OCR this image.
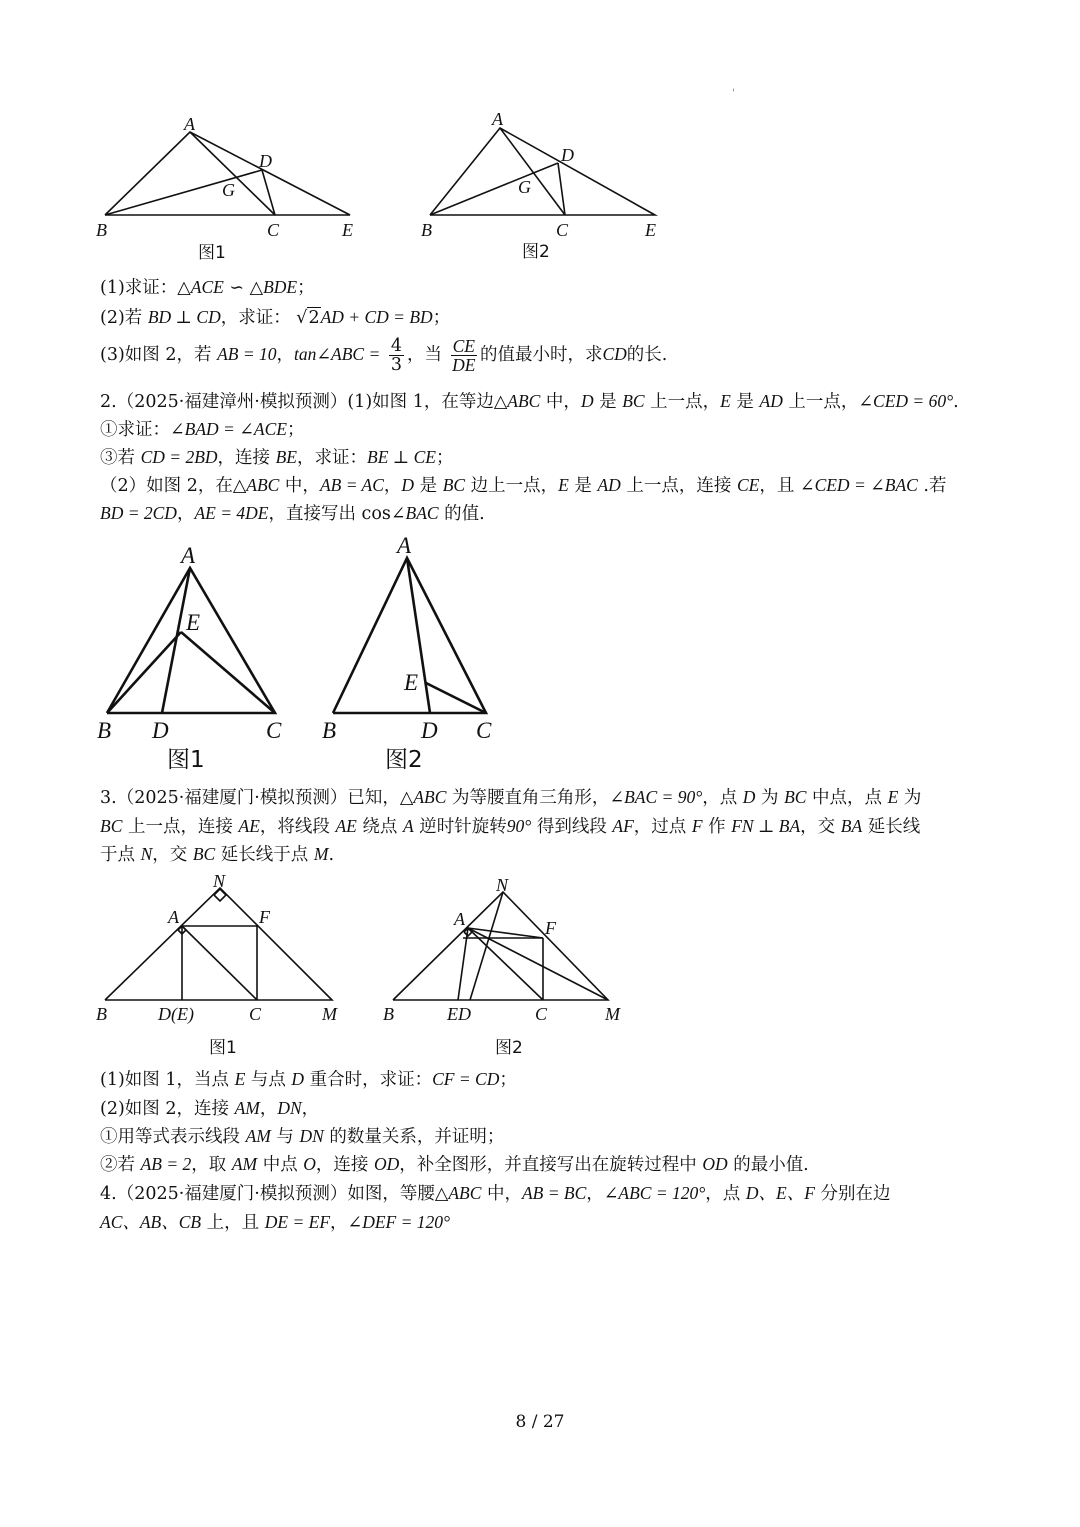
'
A
B	C
D
E
G
图1
A
B	C
D
E
G
图2
(1)求证：△ACE ∽ △BDE；
(2)若 BD ⊥ CD，求证： √2AD + CD = BD；
(3)如图 2，若 AB = 10，tan∠ABC = $\frac{4}{3}$ ，当 $\frac{CE}{DE}$ 的值最小时，求CD的长.
2.（2025·福建漳州·模拟预测）(1)如图 1，在等边△ABC 中，D 是 BC 上一点，E 是 AD 上一点，∠CED = 60°.
①求证：∠BAD = ∠ACE；
③若 CD = 2BD，连接 BE，求证：BE ⊥ CE；
（2）如图 2，在△ABC 中，AB = AC，D 是 BC 边上一点，E 是 AD 上一点，连接 CE，且 ∠CED = ∠BAC .若
BD = 2CD，AE = 4DE，直接写出 cos∠BAC 的值.
A
E
B D	C
图1
A
E
B	D C
图2
3.（2025·福建厦门·模拟预测）已知，△ABC 为等腰直角三角形，∠BAC = 90°，点 D 为 BC 中点，点 E 为
BC 上一点，连接 AE，将线段 AE 绕点 A 逆时针旋转90° 得到线段 AF，过点 F 作 FN ⊥ BA，交 BA 延长线
于点 N，交 BC 延长线于点 M.
N
A	F
B	D(E)	C	M
图1
N
A	F
B	ED	C	M
图2
(1)如图 1，当点 E 与点 D 重合时，求证：CF = CD；
(2)如图 2，连接 AM，DN，
①用等式表示线段 AM 与 DN 的数量关系，并证明；
②若 AB = 2，取 AM 中点 O，连接 OD，补全图形，并直接写出在旋转过程中 OD 的最小值.
4.（2025·福建厦门·模拟预测）如图，等腰△ABC 中，AB = BC，∠ABC = 120°，点 D、E、F 分别在边
AC、AB、CB 上，且 DE = EF，∠DEF = 120°
8 / 27
